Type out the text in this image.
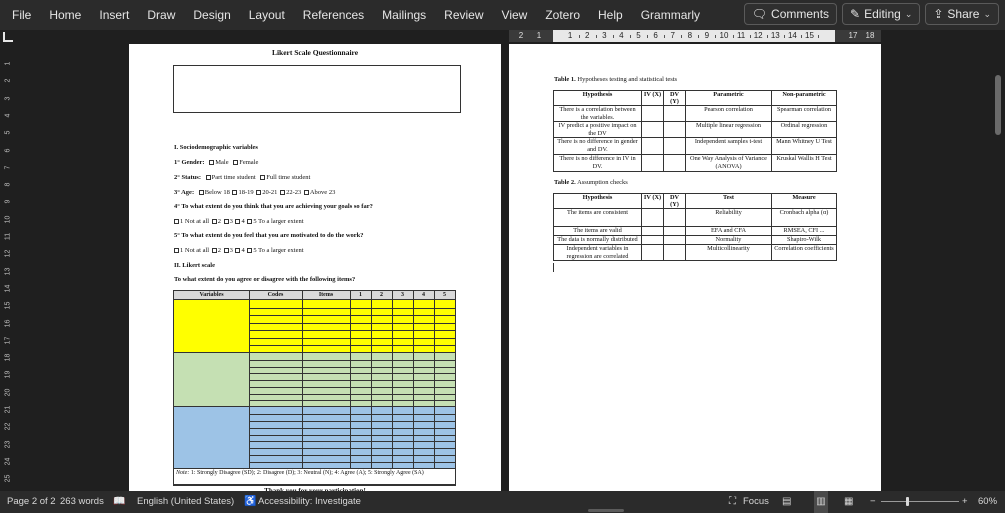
File	Home	Insert	Draw	Design	Layout	References	Mailings	Review	View	Zotero	Help	Grammarly	🗨 Comments ✎ Editing ⌄ ⇪ Share ⌄
1
2
3
4
5
6
7
8
9
10
11
12
13
14
15
16
17
18
19
20
21
22
23
24
25
2	1	1	2	3	4	5	6	7	8	9	10 11 12 13 14 15	17 18
Likert Scale Questionnaire
I. Sociodemographic variables
1° Gender: Male Female
2° Status: Part time student Full time student
3° Age: Below 18 18-19 20-21 22-23 Above 23
4° To what extent do you think that you are achieving your goals so far?
1 Not at all 2 3 4 5 To a larger extent
5° To what extent do you feel that you are motivated to do the work?
1 Not at all 2 3 4 5 To a larger extent
II. Likert scale
To what extent do you agree or disagree with the following items?
Variables	Codes	Items	1	2	3	4	5
Note: 1: Strongly Disagree (SD); 2: Disagree (D); 3: Neutral (N); 4: Agree (A); 5: Strongly Agree (SA)
Table 1. Hypotheses testing and statistical tests
Hypothesis	IV (X)	DV (Y)	Parametric	Non-parametric
There is a correlation between the variables.			Pearson correlation	Spearman correlation
IV predict a positive impact on the DV			Multiple linear regression	Ordinal regression
There is no difference in gender and DV.			Independent samples t-test	Mann Whitney U Test
There is no difference in IV in DV.			One Way Analysis of Variance (ANOVA)	Kruskal Wallis H Test
Table 2. Assumption checks
Hypothesis	IV (X)	DV (Y)	Test	Measure
The items are consistent			Reliability	Cronbach alpha (α)
The items are valid			EFA and CFA	RMSEA, CFI ...
The data is normally distributed			Normality	Shapiro-Wilk
Independent variables in regression are correlated			Multicollinearity	Correlation coefficients
Page 2 of 2 263 words 📖 English (United States) ♿ Accessibility: Investigate	⛶ Focus ▤ ▥ ▦ −	+ 60%
